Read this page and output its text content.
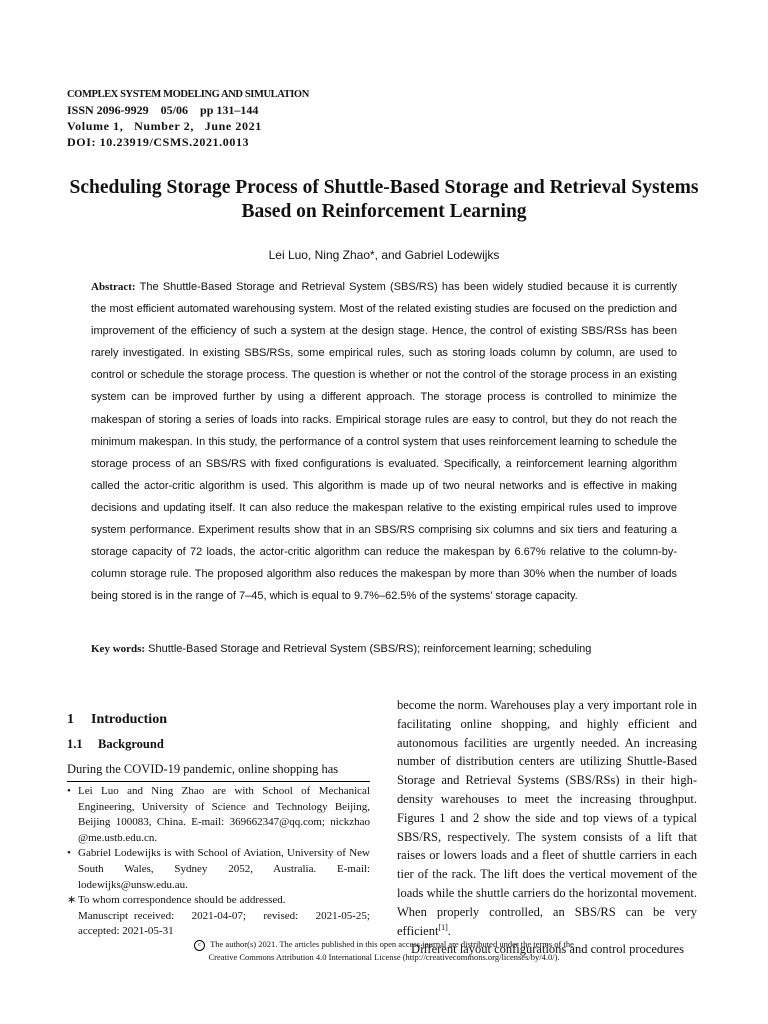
COMPLEX SYSTEM MODELING AND SIMULATION
ISSN 2096-9929    05/06    pp 131–144
Volume 1,   Number 2,   June 2021
DOI: 10.23919/CSMS.2021.0013
Scheduling Storage Process of Shuttle-Based Storage and Retrieval Systems Based on Reinforcement Learning
Lei Luo, Ning Zhao*, and Gabriel Lodewijks
Abstract: The Shuttle-Based Storage and Retrieval System (SBS/RS) has been widely studied because it is currently the most efficient automated warehousing system. Most of the related existing studies are focused on the prediction and improvement of the efficiency of such a system at the design stage. Hence, the control of existing SBS/RSs has been rarely investigated. In existing SBS/RSs, some empirical rules, such as storing loads column by column, are used to control or schedule the storage process. The question is whether or not the control of the storage process in an existing system can be improved further by using a different approach. The storage process is controlled to minimize the makespan of storing a series of loads into racks. Empirical storage rules are easy to control, but they do not reach the minimum makespan. In this study, the performance of a control system that uses reinforcement learning to schedule the storage process of an SBS/RS with fixed configurations is evaluated. Specifically, a reinforcement learning algorithm called the actor-critic algorithm is used. This algorithm is made up of two neural networks and is effective in making decisions and updating itself. It can also reduce the makespan relative to the existing empirical rules used to improve system performance. Experiment results show that in an SBS/RS comprising six columns and six tiers and featuring a storage capacity of 72 loads, the actor-critic algorithm can reduce the makespan by 6.67% relative to the column-by-column storage rule. The proposed algorithm also reduces the makespan by more than 30% when the number of loads being stored is in the range of 7–45, which is equal to 9.7%–62.5% of the systems’ storage capacity.
Key words: Shuttle-Based Storage and Retrieval System (SBS/RS); reinforcement learning; scheduling
1 Introduction
1.1 Background
During the COVID-19 pandemic, online shopping has
• Lei Luo and Ning Zhao are with School of Mechanical Engineering, University of Science and Technology Beijing, Beijing 100083, China. E-mail: 369662347@qq.com; nickzhao @me.ustb.edu.cn.
• Gabriel Lodewijks is with School of Aviation, University of New South Wales, Sydney 2052, Australia. E-mail: lodewijks@unsw.edu.au.
∗ To whom correspondence should be addressed.
Manuscript received:   2021-04-07;   revised:   2021-05-25; accepted: 2021-05-31
become the norm. Warehouses play a very important role in facilitating online shopping, and highly efficient and autonomous facilities are urgently needed. An increasing number of distribution centers are utilizing Shuttle-Based Storage and Retrieval Systems (SBS/RSs) in their high-density warehouses to meet the increasing throughput. Figures 1 and 2 show the side and top views of a typical SBS/RS, respectively. The system consists of a lift that raises or lowers loads and a fleet of shuttle carriers in each tier of the rack. The lift does the vertical movement of the loads while the shuttle carriers do the horizontal movement. When properly controlled, an SBS/RS can be very efficient[1].
Different layout configurations and control procedures
c The author(s) 2021. The articles published in this open access journal are distributed under the terms of the
Creative Commons Attribution 4.0 International License (http://creativecommons.org/licenses/by/4.0/).
